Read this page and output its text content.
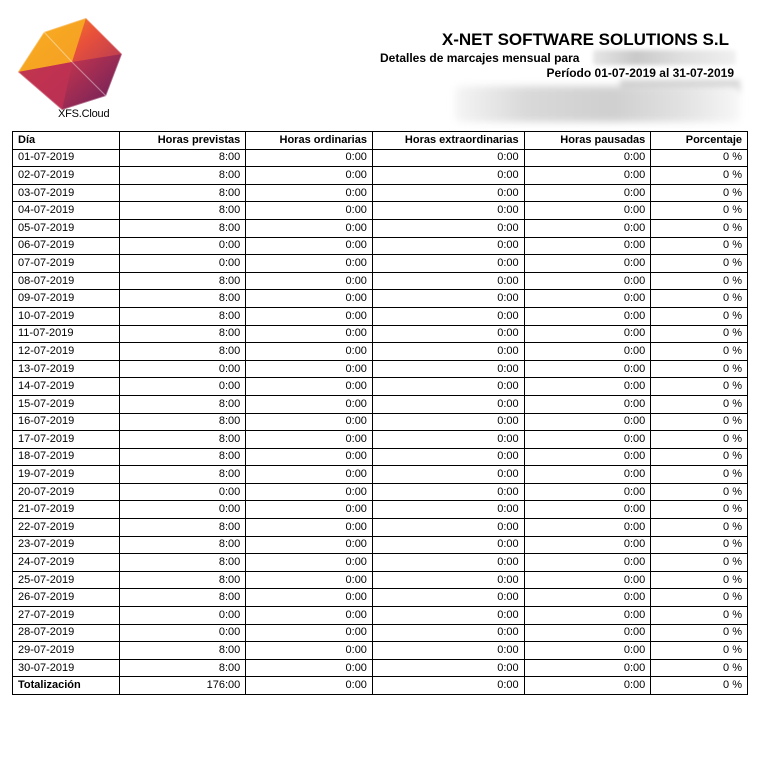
XFS.Cloud
X-NET SOFTWARE SOLUTIONS S.L
Detalles de marcajes mensual para
Período 01-07-2019 al 31-07-2019
Día	Horas previstas	Horas ordinarias	Horas extraordinarias	Horas pausadas	Porcentaje
01-07-2019	8:00	0:00	0:00	0:00	0 %
02-07-2019	8:00	0:00	0:00	0:00	0 %
03-07-2019	8:00	0:00	0:00	0:00	0 %
04-07-2019	8:00	0:00	0:00	0:00	0 %
05-07-2019	8:00	0:00	0:00	0:00	0 %
06-07-2019	0:00	0:00	0:00	0:00	0 %
07-07-2019	0:00	0:00	0:00	0:00	0 %
08-07-2019	8:00	0:00	0:00	0:00	0 %
09-07-2019	8:00	0:00	0:00	0:00	0 %
10-07-2019	8:00	0:00	0:00	0:00	0 %
11-07-2019	8:00	0:00	0:00	0:00	0 %
12-07-2019	8:00	0:00	0:00	0:00	0 %
13-07-2019	0:00	0:00	0:00	0:00	0 %
14-07-2019	0:00	0:00	0:00	0:00	0 %
15-07-2019	8:00	0:00	0:00	0:00	0 %
16-07-2019	8:00	0:00	0:00	0:00	0 %
17-07-2019	8:00	0:00	0:00	0:00	0 %
18-07-2019	8:00	0:00	0:00	0:00	0 %
19-07-2019	8:00	0:00	0:00	0:00	0 %
20-07-2019	0:00	0:00	0:00	0:00	0 %
21-07-2019	0:00	0:00	0:00	0:00	0 %
22-07-2019	8:00	0:00	0:00	0:00	0 %
23-07-2019	8:00	0:00	0:00	0:00	0 %
24-07-2019	8:00	0:00	0:00	0:00	0 %
25-07-2019	8:00	0:00	0:00	0:00	0 %
26-07-2019	8:00	0:00	0:00	0:00	0 %
27-07-2019	0:00	0:00	0:00	0:00	0 %
28-07-2019	0:00	0:00	0:00	0:00	0 %
29-07-2019	8:00	0:00	0:00	0:00	0 %
30-07-2019	8:00	0:00	0:00	0:00	0 %
Totalización	176:00	0:00	0:00	0:00	0 %
